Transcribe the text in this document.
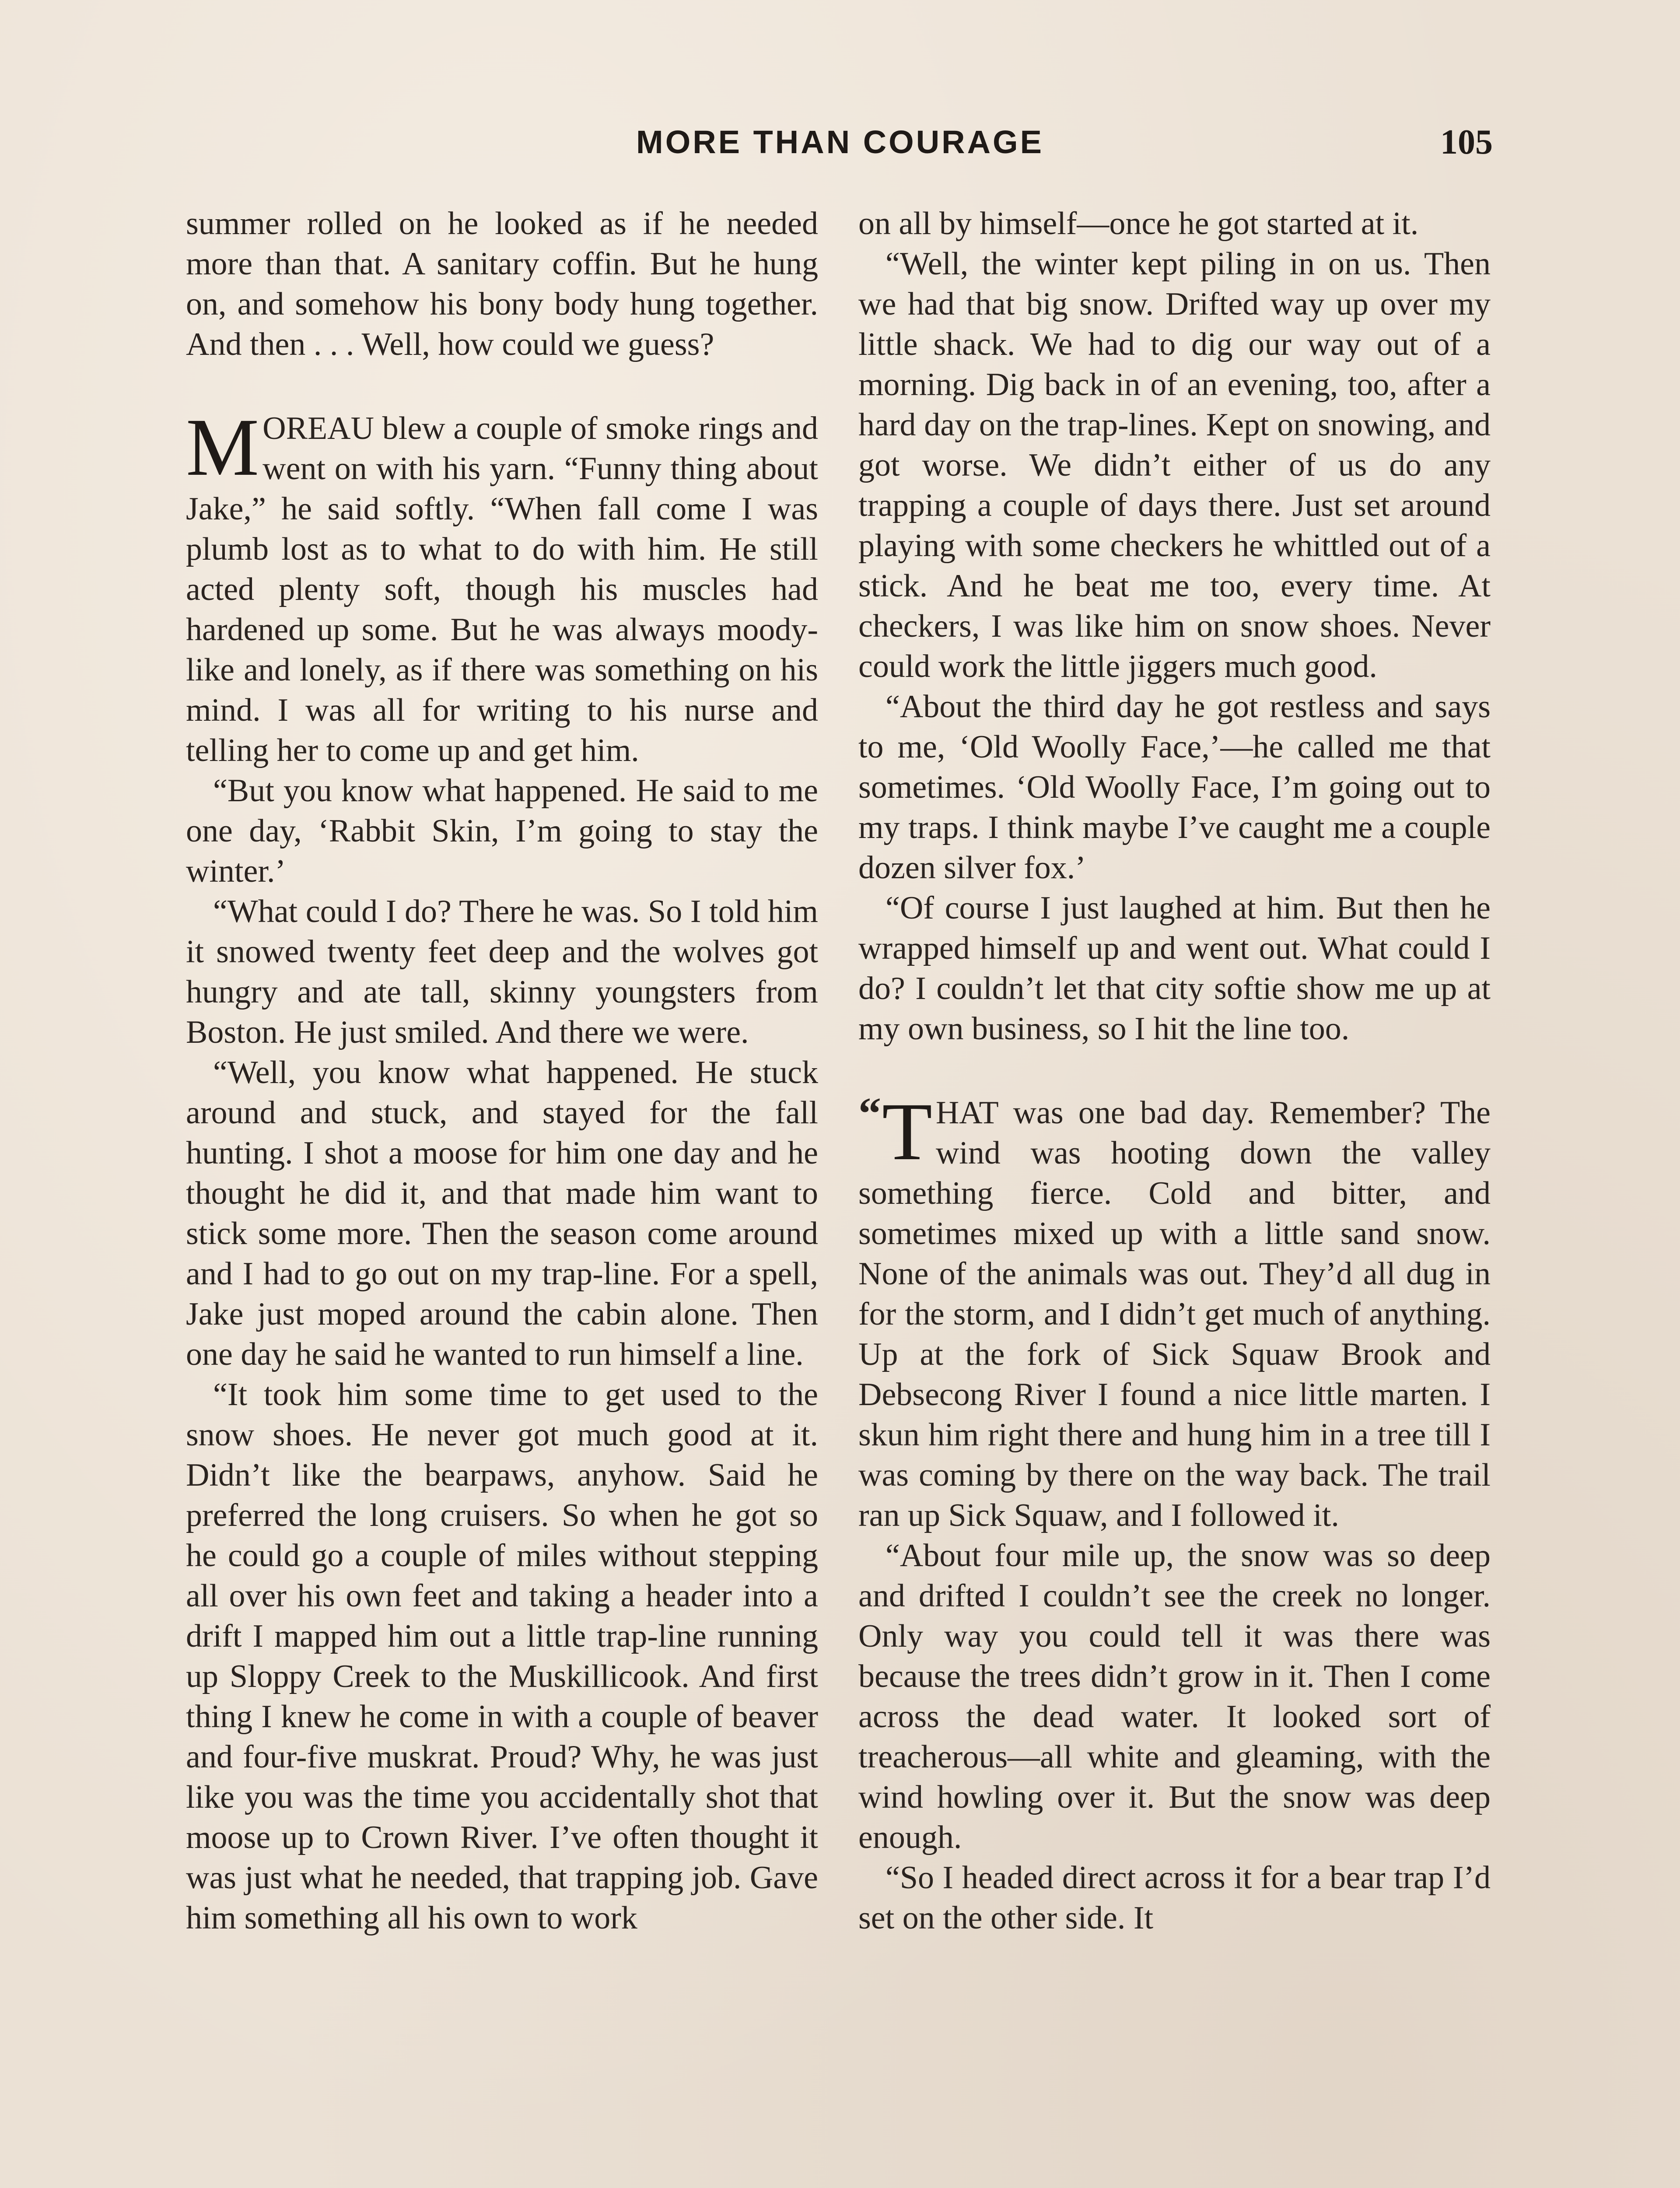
MORE THAN COURAGE	105

summer rolled on he looked as if he needed more than that. A sanitary coffin. But he hung on, and somehow his bony body hung together. And then . . . Well, how could we guess?

MOREAU blew a couple of smoke rings and went on with his yarn. “Funny thing about Jake,” he said softly. “When fall come I was plumb lost as to what to do with him. He still acted plenty soft, though his muscles had hardened up some. But he was always moody-like and lonely, as if there was something on his mind. I was all for writing to his nurse and telling her to come up and get him.

“But you know what happened. He said to me one day, ‘Rabbit Skin, I’m going to stay the winter.’

“What could I do? There he was. So I told him it snowed twenty feet deep and the wolves got hungry and ate tall, skinny youngsters from Boston. He just smiled. And there we were.

“Well, you know what happened. He stuck around and stuck, and stayed for the fall hunting. I shot a moose for him one day and he thought he did it, and that made him want to stick some more. Then the season come around and I had to go out on my trap-line. For a spell, Jake just moped around the cabin alone. Then one day he said he wanted to run himself a line.

“It took him some time to get used to the snow shoes. He never got much good at it. Didn’t like the bearpaws, anyhow. Said he preferred the long cruisers. So when he got so he could go a couple of miles without stepping all over his own feet and taking a header into a drift I mapped him out a little trap-line running up Sloppy Creek to the Muskillicook. And first thing I knew he come in with a couple of beaver and four-five muskrat. Proud? Why, he was just like you was the time you accidentally shot that moose up to Crown River. I’ve often thought it was just what he needed, that trapping job. Gave him something all his own to work

on all by himself—once he got started at it.

“Well, the winter kept piling in on us. Then we had that big snow. Drifted way up over my little shack. We had to dig our way out of a morning. Dig back in of an evening, too, after a hard day on the trap-lines. Kept on snowing, and got worse. We didn’t either of us do any trapping a couple of days there. Just set around playing with some checkers he whittled out of a stick. And he beat me too, every time. At checkers, I was like him on snow shoes. Never could work the little jiggers much good.

“About the third day he got restless and says to me, ‘Old Woolly Face,’—he called me that sometimes. ‘Old Woolly Face, I’m going out to my traps. I think maybe I’ve caught me a couple dozen silver fox.’

“Of course I just laughed at him. But then he wrapped himself up and went out. What could I do? I couldn’t let that city softie show me up at my own business, so I hit the line too.

“ T HAT was one bad day. Remember? The wind was hooting down the valley something fierce. Cold and bitter, and sometimes mixed up with a little sand snow. None of the animals was out. They’d all dug in for the storm, and I didn’t get much of anything. Up at the fork of Sick Squaw Brook and Debsecong River I found a nice little marten. I skun him right there and hung him in a tree till I was coming by there on the way back. The trail ran up Sick Squaw, and I followed it.

“About four mile up, the snow was so deep and drifted I couldn’t see the creek no longer. Only way you could tell it was there was because the trees didn’t grow in it. Then I come across the dead water. It looked sort of treacherous—all white and gleaming, with the wind howling over it. But the snow was deep enough.

“So I headed direct across it for a bear trap I’d set on the other side. It
